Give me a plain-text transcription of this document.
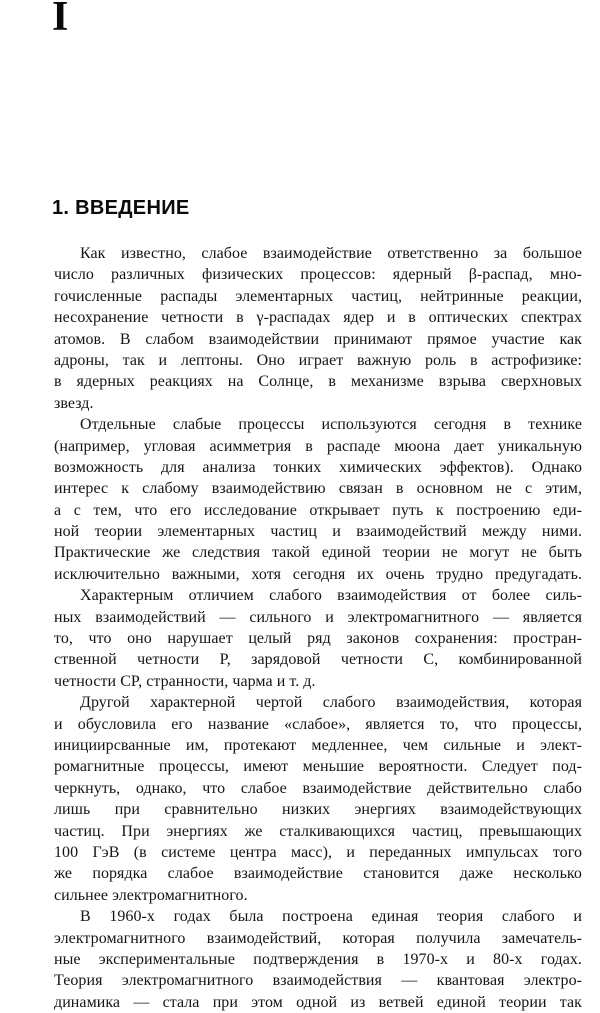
I
1. ВВЕДЕНИЕ
Как известно, слабое взаимодействие ответственно за большое
число различных физических процессов: ядерный β-распад, мно-
гочисленные распады элементарных частиц, нейтринные реакции,
несохранение четности в γ-распадах ядер и в оптических спектрах
атомов. В слабом взаимодействии принимают прямое участие как
адроны, так и лептоны. Оно играет важную роль в астрофизике:
в ядерных реакциях на Солнце, в механизме взрыва сверхновых
звезд.
Отдельные слабые процессы используются сегодня в технике
(например, угловая асимметрия в распаде мюона дает уникальную
возможность для анализа тонких химических эффектов). Однако
интерес к слабому взаимодействию связан в основном не с этим,
а с тем, что его исследование открывает путь к построению еди-
ной теории элементарных частиц и взаимодействий между ними.
Практические же следствия такой единой теории не могут не быть
исключительно важными, хотя сегодня их очень трудно предугадать.
Характерным отличием слабого взаимодействия от более силь-
ных взаимодействий — сильного и электромагнитного — является
то, что оно нарушает целый ряд законов сохранения: простран-
ственной четности P, зарядовой четности C, комбинированной
четности CP, странности, чарма и т. д.
Другой характерной чертой слабого взаимодействия, которая
и обусловила его название «слабое», является то, что процессы,
инициирсванные им, протекают медленнее, чем сильные и элект-
ромагнитные процессы, имеют меньшие вероятности. Следует под-
черкнуть, однако, что слабое взаимодействие действительно слабо
лишь при сравнительно низких энергиях взаимодействующих
частиц. При энергиях же сталкивающихся частиц, превышающих
100 ГэВ (в системе центра масс), и переданных импульсах того
же порядка слабое взаимодействие становится даже несколько
сильнее электромагнитного.
В 1960-х годах была построена единая теория слабого и
электромагнитного взаимодействий, которая получила замечатель-
ные экспериментальные подтверждения в 1970-х и 80-х годах.
Теория электромагнитного взаимодействия — квантовая электро-
динамика — стала при этом одной из ветвей единой теории так
